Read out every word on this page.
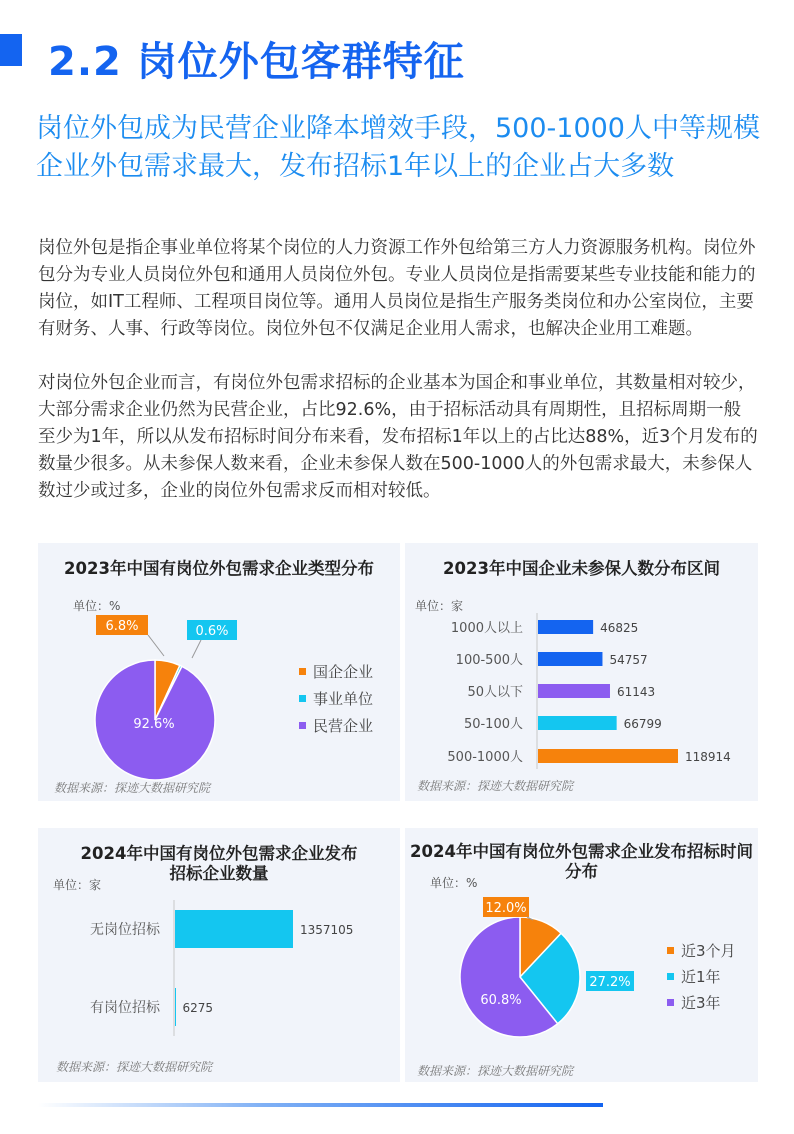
2.2 岗位外包客群特征
岗位外包成为民营企业降本增效手段，500-1000人中等规模企业外包需求最大，发布招标1年以上的企业占大多数
岗位外包是指企事业单位将某个岗位的人力资源工作外包给第三方人力资源服务机构。岗位外包分为专业人员岗位外包和通用人员岗位外包。专业人员岗位是指需要某些专业技能和能力的岗位，如IT工程师、工程项目岗位等。通用人员岗位是指生产服务类岗位和办公室岗位，主要有财务、人事、行政等岗位。岗位外包不仅满足企业用人需求，也解决企业用工难题。
对岗位外包企业而言，有岗位外包需求招标的企业基本为国企和事业单位，其数量相对较少，大部分需求企业仍然为民营企业，占比92.6%，由于招标活动具有周期性，且招标周期一般至少为1年，所以从发布招标时间分布来看，发布招标1年以上的占比达88%，近3个月发布的数量少很多。从未参保人数来看，企业未参保人数在500-1000人的外包需求最大，未参保人数过少或过多，企业的岗位外包需求反而相对较低。
2023年中国有岗位外包需求企业类型分布
单位：%
6.8%	0.6%
92.6%
国企企业
事业单位
民营企业
数据来源：探迹大数据研究院
2023年中国企业未参保人数分布区间
单位：家
1000人以上	46825
100-500人	54757
50人以下	61143
50-100人	66799
500-1000人	118914
数据来源：探迹大数据研究院
2024年中国有岗位外包需求企业发布招标企业数量
单位：家
无岗位招标	1357105
有岗位招标 6275
数据来源：探迹大数据研究院
2024年中国有岗位外包需求企业发布招标时间分布
单位：%
12.0%
27.2%
60.8%
近3个月
近1年
近3年
数据来源：探迹大数据研究院
